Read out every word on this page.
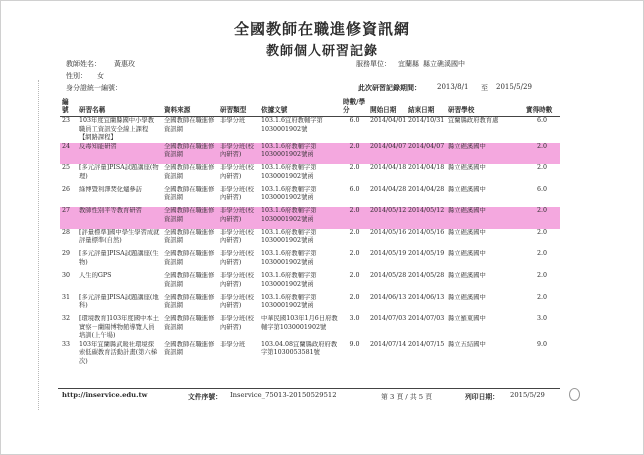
全國教師在職進修資訊網
教師個人研習記錄
教師姓名： 黃惠玫
性別： 女
身分證統一編號：
服務單位： 宜蘭縣 縣立礁溪國中
此次研習記錄期間： 2013/8/1 至 2015/5/29
編號	研習名稱	資料來源	研習類型	依據文號	時數/學分	開始日期	結束日期	研習學校	實得時數
23	103年度宜蘭縣國中小學教職員工資訊安全線上課程【網路課程】	全國教師在職進修資訊網	非學分班	103.1.6宜府教輔字第1030001902號	6.0	2014/04/01	2014/10/31	宜蘭縣政府教育處	6.0
24	反毒知能研習	全國教師在職進修資訊網	非學分班(校內研習)	103.1.6府教輔字第1030001902號函	2.0	2014/04/07	2014/04/07	縣立礁溪國中	2.0
25	[多元評量]PISA試題講座(物理)	全國教師在職進修資訊網	非學分班(校內研習)	103.1.6府教輔字第1030001902號函	2.0	2014/04/18	2014/04/18	縣立礁溪國中	2.0
26	綠博暨利澤焚化爐參訪	全國教師在職進修資訊網	非學分班(校內研習)	103.1.6府教輔字第1030001902號函	6.0	2014/04/28	2014/04/28	縣立礁溪國中	6.0
27	教師性別平等教育研習	全國教師在職進修資訊網	非學分班(校內研習)	103.1.6府教輔字第1030001902號函	2.0	2014/05/12	2014/05/12	縣立礁溪國中	2.0
28	[評量標準]國中學生學習成就評量標準(自然)	全國教師在職進修資訊網	非學分班(校內研習)	103.1.6府教輔字第1030001902號函	2.0	2014/05/16	2014/05/16	縣立礁溪國中	2.0
29	[多元評量]PISA試題講座(生物)	全國教師在職進修資訊網	非學分班(校內研習)	103.1.6府教輔字第1030001902號函	2.0	2014/05/19	2014/05/19	縣立礁溪國中	2.0
30	人生的GPS	全國教師在職進修資訊網	非學分班(校內研習)	103.1.6府教輔字第1030001902號函	2.0	2014/05/28	2014/05/28	縣立礁溪國中	2.0
31	[多元評量]PISA試題講座(地科)	全國教師在職進修資訊網	非學分班(校內研習)	103.1.6府教輔字第1030001902號函	2.0	2014/06/13	2014/06/13	縣立礁溪國中	2.0
32	[環境教育]103年度國中本土實察－蘭陽博物館導覽人員培訓(上午場)	全國教師在職進修資訊網	非學分班(校內研習)	中華民國103年1月6日府教輔字第1030001902號	3.0	2014/07/03	2014/07/03	縣立羅東國中	3.0
33	103年宜蘭縣武暖社環境探索低碳教育活動計畫(第六梯次)	全國教師在職進修資訊網	非學分班	103.04.08宜蘭縣政府府教字第1030053581號	9.0	2014/07/14	2014/07/15	縣立五結國中	9.0
http://inservice.edu.tw	文件序號： Inservice_75013-20150529512	第 3 頁 / 共 5 頁	列印日期： 2015/5/29
